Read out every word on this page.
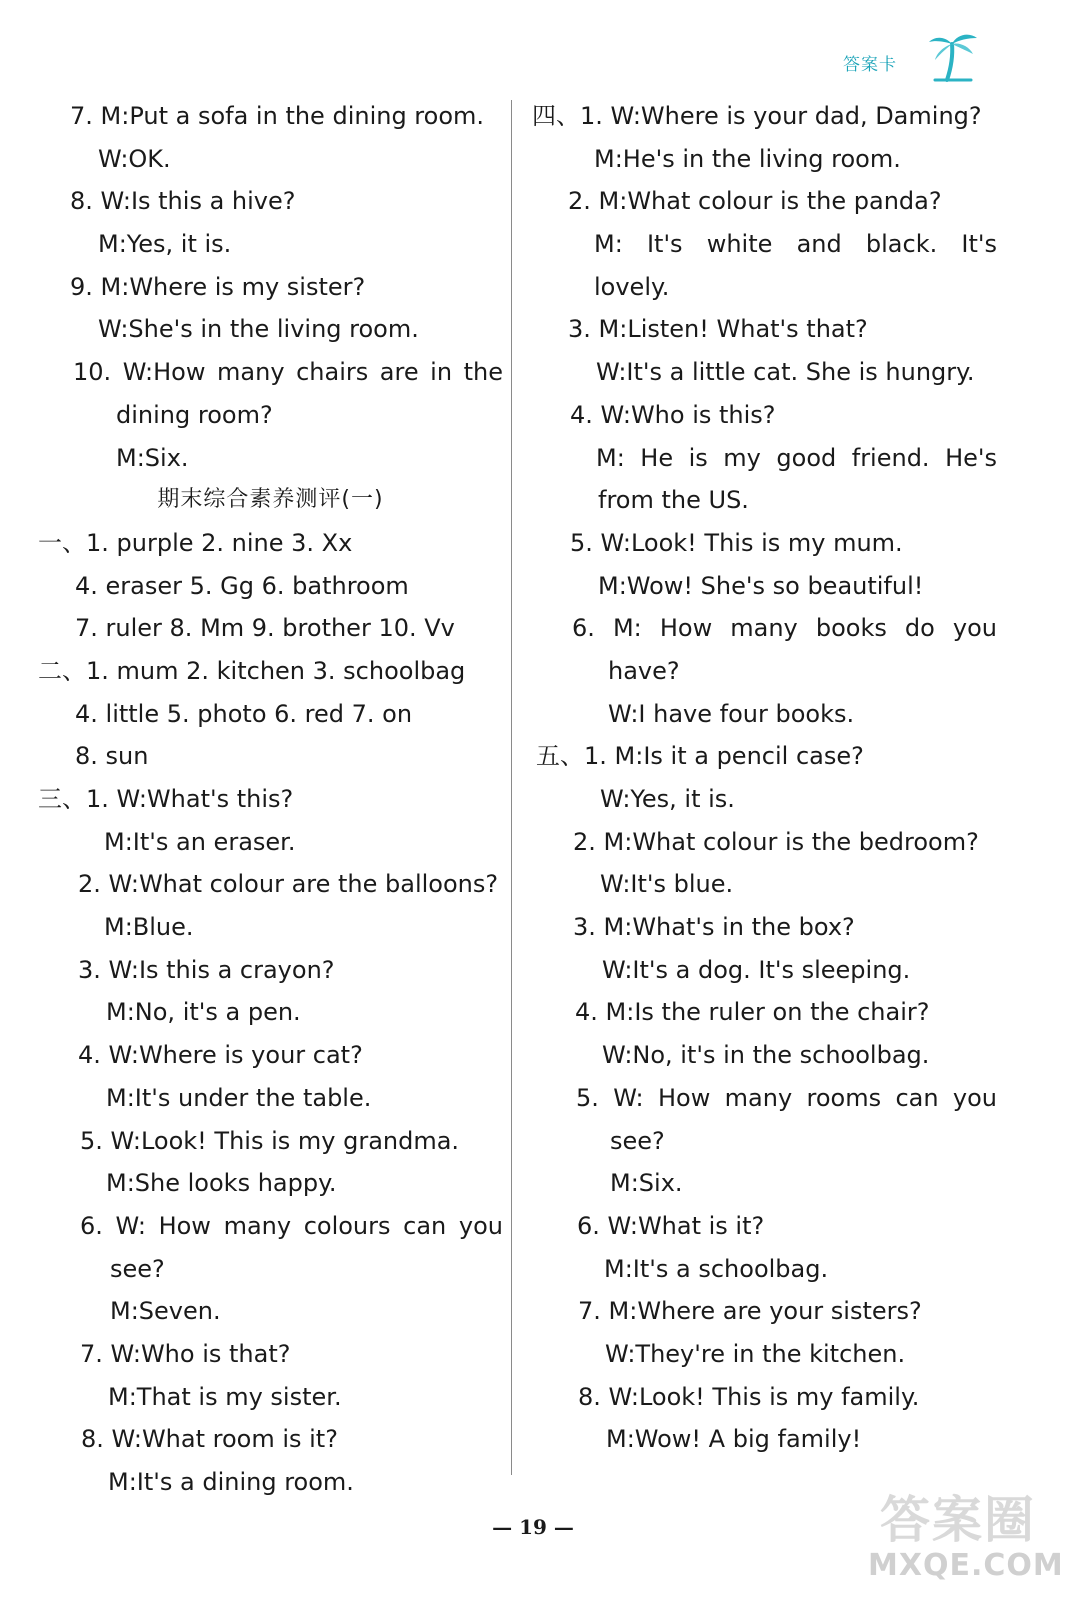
答案卡
7. M:Put a sofa in the dining room.
W:OK.
8. W:Is this a hive?
M:Yes, it is.
9. M:Where is my sister?
W:She's in the living room.
10. W:How many chairs are in the
dining room?
M:Six.
期末综合素养测评(一)
一、1. purple 2. nine 3. Xx
4. eraser 5. Gg 6. bathroom
7. ruler 8. Mm 9. brother 10. Vv
二、1. mum 2. kitchen 3. schoolbag
4. little 5. photo 6. red 7. on
8. sun
三、1. W:What's this?
M:It's an eraser.
2. W:What colour are the balloons?
M:Blue.
3. W:Is this a crayon?
M:No, it's a pen.
4. W:Where is your cat?
M:It's under the table.
5. W:Look! This is my grandma.
M:She looks happy.
6. W: How many colours can you
see?
M:Seven.
7. W:Who is that?
M:That is my sister.
8. W:What room is it?
M:It's a dining room.
四、1. W:Where is your dad, Daming?
M:He's in the living room.
2. M:What colour is the panda?
M: It's white and black. It's
lovely.
3. M:Listen! What's that?
W:It's a little cat. She is hungry.
4. W:Who is this?
M: He is my good friend. He's
from the US.
5. W:Look! This is my mum.
M:Wow! She's so beautiful!
6. M: How many books do you
have?
W:I have four books.
五、1. M:Is it a pencil case?
W:Yes, it is.
2. M:What colour is the bedroom?
W:It's blue.
3. M:What's in the box?
W:It's a dog. It's sleeping.
4. M:Is the ruler on the chair?
W:No, it's in the schoolbag.
5. W: How many rooms can you
see?
M:Six.
6. W:What is it?
M:It's a schoolbag.
7. M:Where are your sisters?
W:They're in the kitchen.
8. W:Look! This is my family.
M:Wow! A big family!
— 19 —	答案圈
MXQE.COM
